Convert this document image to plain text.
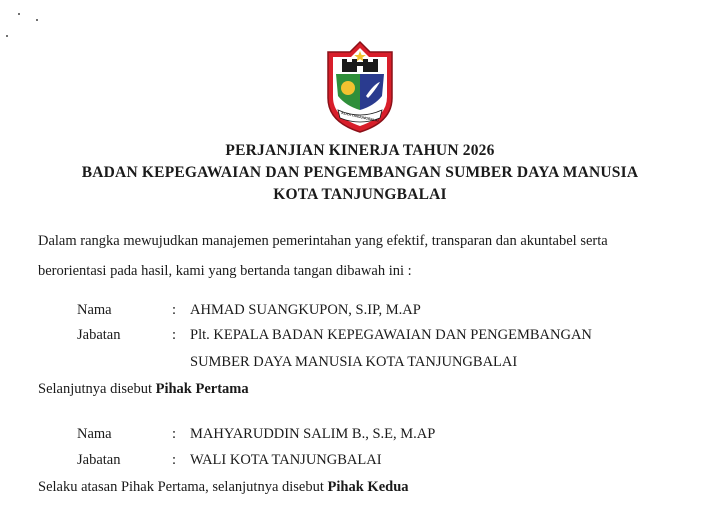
KOTA TANJUNGBALAI
PERJANJIAN KINERJA TAHUN 2026
BADAN KEPEGAWAIAN DAN PENGEMBANGAN SUMBER DAYA MANUSIA
KOTA TANJUNGBALAI
Dalam rangka mewujudkan manajemen pemerintahan yang efektif, transparan dan akuntabel serta
berorientasi pada hasil, kami yang bertanda tangan dibawah ini :
Nama	: AHMAD SUANGKUPON, S.IP, M.AP
Jabatan	: Plt. KEPALA BADAN KEPEGAWAIAN DAN PENGEMBANGAN
SUMBER DAYA MANUSIA KOTA TANJUNGBALAI
Selanjutnya disebut Pihak Pertama
Nama	: MAHYARUDDIN SALIM B., S.E, M.AP
Jabatan	: WALI KOTA TANJUNGBALAI
Selaku atasan Pihak Pertama, selanjutnya disebut Pihak Kedua
